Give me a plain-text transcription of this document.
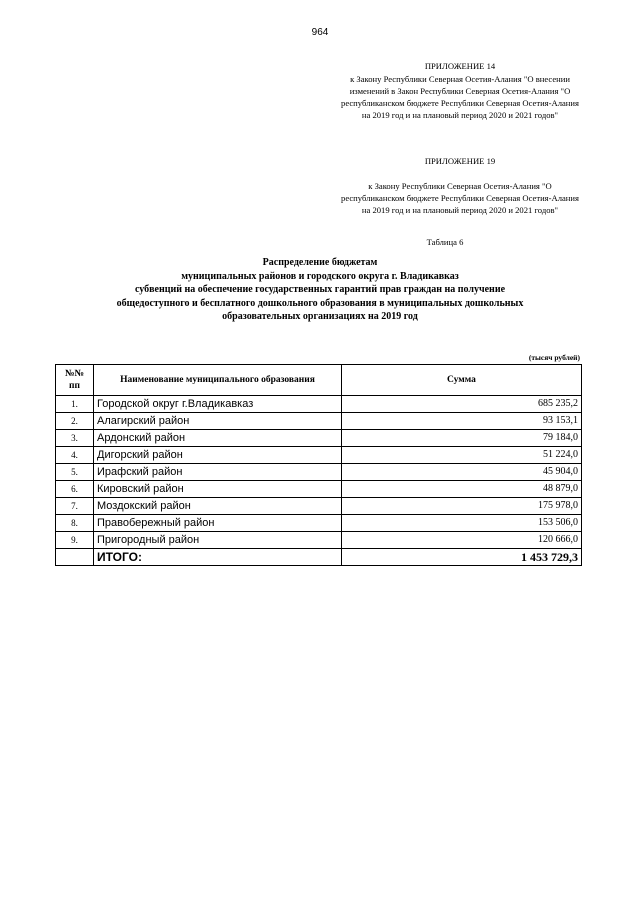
964
ПРИЛОЖЕНИЕ 14
к Закону Республики Северная Осетия-Алания "О внесении изменений в Закон Республики Северная Осетия-Алания "О республиканском бюджете Республики Северная Осетия-Алания на 2019 год и на плановый период 2020 и 2021 годов"
ПРИЛОЖЕНИЕ 19
к Закону Республики Северная Осетия-Алания "О республиканском бюджете Республики Северная Осетия-Алания на 2019 год и на плановый период 2020 и 2021 годов"
Таблица 6
Распределение бюджетам
муниципальных районов и городского округа г. Владикавказ
субвенций на обеспечение государственных гарантий прав граждан на получение
общедоступного и бесплатного дошкольного образования в муниципальных дошкольных
образовательных организациях на 2019 год
(тысяч рублей)
№№ пп	Наименование муниципального образования	Сумма
1.	Городской округ г.Владикавказ	685 235,2
2.	Алагирский район	93 153,1
3.	Ардонский район	79 184,0
4.	Дигорский район	51 224,0
5.	Ирафский район	45 904,0
6.	Кировский район	48 879,0
7.	Моздокский район	175 978,0
8.	Правобережный район	153 506,0
9.	Пригородный район	120 666,0
	ИТОГО:	1 453 729,3
